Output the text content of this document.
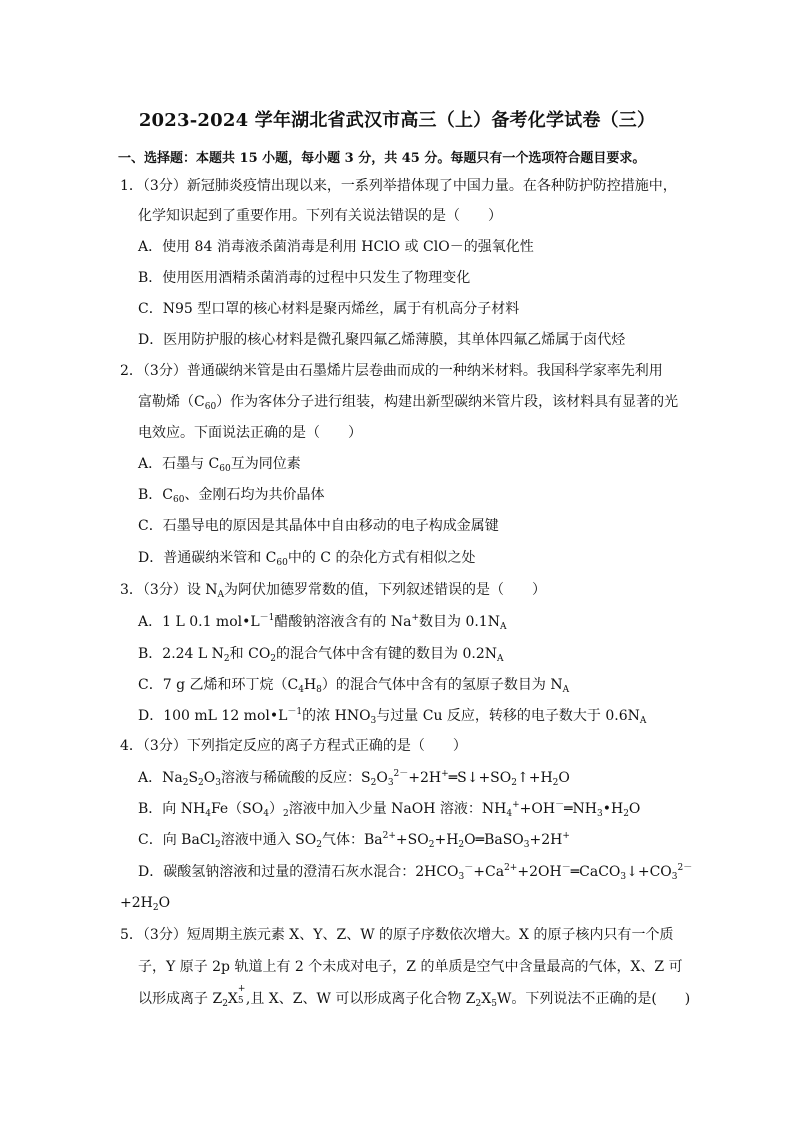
2023-2024 学年湖北省武汉市高三（上）备考化学试卷（三）
一、选择题：本题共 15 小题，每小题 3 分，共 45 分。每题只有一个选项符合题目要求。
1．（3分）新冠肺炎疫情出现以来，一系列举措体现了中国力量。在各种防护防控措施中，
化学知识起到了重要作用。下列有关说法错误的是（　　）
A．使用 84 消毒液杀菌消毒是利用 HClO 或 ClO－的强氧化性
B．使用医用酒精杀菌消毒的过程中只发生了物理变化
C．N95 型口罩的核心材料是聚丙烯丝，属于有机高分子材料
D．医用防护服的核心材料是微孔聚四氟乙烯薄膜，其单体四氟乙烯属于卤代烃
2．（3分）普通碳纳米管是由石墨烯片层卷曲而成的一种纳米材料。我国科学家率先利用
富勒烯$(C_{60})$作为客体分子进行组装，构建出新型碳纳米管片段，该材料具有显著的光
电效应。下面说法正确的是（　　）
A．石墨与 $C_{60}$互为同位素
B．$C_{60}$、金刚石均为共价晶体
C．石墨导电的原因是其晶体中自由移动的电子构成金属键
D．普通碳纳米管和 $C_{60}$中的 C 的杂化方式有相似之处
3．（3分）设 $N_A$为阿伏加德罗常数的值，下列叙述错误的是（　　）
A．1 L 0.1 $mol•L^{-1}$醋酸钠溶液含有的 Na+数目为 $0.1N_A$
B．2.24 L $N_2$和 $CO_2$的混合气体中含有键的数目为 $0.2N_A$
C．7 g 乙烯和环丁烷$(C_4H_8)$的混合气体中含有的氢原子数目为 $N_A$
D．100 mL 12 $mol•L^{-1}$的浓 $HNO_3$与过量 Cu 反应，转移的电子数大于 $0.6N_A$
4．（3分）下列指定反应的离子方程式正确的是（　　）
A．$Na_2S_2O_3$溶液与稀硫酸的反应：$S_2O_3^{2-}+2H^+═S↓+SO_2↑+H_2O$
B．向 $NH_4Fe(SO_4)_2$溶液中加入少量 NaOH 溶液：$NH_4^++OH^-═NH_3•H_2O$
C．向 BaCl$_2$溶液中通入 $SO_2$气体：$Ba^{2+}+SO_2+H_2O═BaSO_3+2H^+$
D．碳酸氢钠溶液和过量的澄清石灰水混合：$2HCO_3^-+Ca^{2+}+2OH^-═CaCO_3↓+CO_3^{2-}$
$+2H_2O$
5．（3分）短周期主族元素 X、Y、Z、W 的原子序数依次增大。X 的原子核内只有一个质
子，Y 原子 2p 轨道上有 2 个未成对电子，Z 的单质是空气中含量最高的气体，X、Z 可
以形成离子 $Z_2X$
+
5 ,且 X、Z、W 可以形成离子化合物 $Z_2X_5W$。下列说法不正确的是(　　)
